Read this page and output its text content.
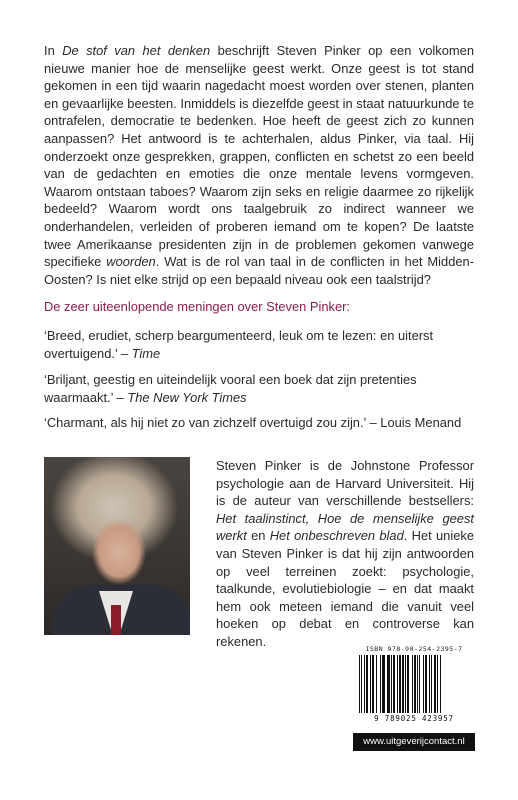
In De stof van het denken beschrijft Steven Pinker op een volkomen nieuwe manier hoe de menselijke geest werkt. Onze geest is tot stand gekomen in een tijd waarin nagedacht moest worden over stenen, planten en gevaarlijke beesten. Inmiddels is diezelfde geest in staat natuurkunde te ontrafelen, democratie te bedenken. Hoe heeft de geest zich zo kunnen aanpassen? Het antwoord is te achterhalen, aldus Pinker, via taal. Hij onderzoekt onze gesprekken, grappen, conflicten en schetst zo een beeld van de gedachten en emoties die onze mentale levens vormgeven. Waarom ontstaan taboes? Waarom zijn seks en religie daarmee zo rijkelijk bedeeld? Waarom wordt ons taalgebruik zo indirect wanneer we onderhandelen, verleiden of proberen iemand om te kopen? De laatste twee Amerikaanse presidenten zijn in de problemen gekomen vanwege specifieke woorden. Wat is de rol van taal in de conflicten in het Midden-Oosten? Is niet elke strijd op een bepaald niveau ook een taalstrijd?

De zeer uiteenlopende meningen over Steven Pinker:

‘Breed, erudiet, scherp beargumenteerd, leuk om te lezen: en uiterst overtuigend.’ – Time

‘Briljant, geestig en uiteindelijk vooral een boek dat zijn pretenties waarmaakt.’ – The New York Times

‘Charmant, als hij niet zo van zichzelf overtuigd zou zijn.’ – Louis Menand

Steven Pinker is de Johnstone Professor psychologie aan de Harvard Universiteit. Hij is de auteur van verschillende bestsellers: Het taalinstinct, Hoe de menselijke geest werkt en Het onbeschreven blad. Het unieke van Steven Pinker is dat hij zijn antwoorden op veel terreinen zoekt: psychologie, taalkunde, evolutiebiologie – en dat maakt hem ook meteen iemand die vanuit veel hoeken op debat en controverse kan rekenen.

ISBN 978-90-254-2395-7
9 789025 423957
www.uitgeverijcontact.nl
